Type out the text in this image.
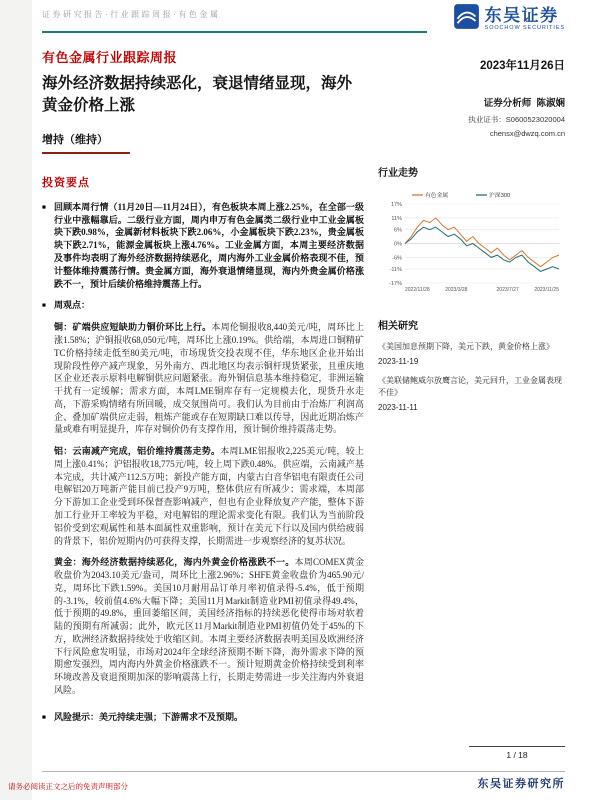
证券研究报告·行业跟踪周报·有色金属	东吴证券
SOOCHOW SECURITIES
有色金属行业跟踪周报
海外经济数据持续恶化，衰退情绪显现，海外黄金价格上涨
增持（维持）
投资要点
■ 回顾本周行情（11月20日—11月24日），有色板块本周上涨2.25%，在全部一级行业中涨幅靠后。二级行业方面，周内申万有色金属类二级行业中工业金属板块下跌0.98%，金属新材料板块下跌2.06%，小金属板块下跌2.23%，贵金属板块下跌2.71%，能源金属板块上涨4.76%。工业金属方面，本周主要经济数据及事件均表明了海外经济数据持续恶化，周内海外工业金属价格表现不佳，预计整体维持震荡行情。贵金属方面，海外衰退情绪显现，海内外贵金属价格涨跌不一，预计后续价格维持震荡上行。
■ 周观点：

铜：矿端供应短缺助力铜价环比上行。本周伦铜报收8,440美元/吨，周环比上涨1.58%；沪铜报收68,050元/吨，周环比上涨0.19%。供给端，本周进口铜精矿TC价格持续走低至80美元/吨，市场现货交投表现不佳，华东地区企业开始出现阶段性停产减产现象，另外南方、西北地区均表示铜杆现货紧张，且重庆地区企业还表示原料电解铜供应问题紧张。海外铜信息基本维持稳定，非洲运输干扰有一定缓解；需求方面，本周LME铜库存有一定规模去化，现货升水走高，下游采购情绪有所回暖，成交氛围尚可。我们认为目前由于冶炼厂利润高企、叠加矿端供应走弱，粗炼产能或存在短期缺口难以传导，因此近期冶炼产量或难有明显提升，库存对铜价仍有支撑作用，预计铜价维持震荡走势。

铝：云南减产完成，铝价维持震荡走势。本周LME铝报收2,225美元/吨，较上周上涨0.41%；沪铝报收18,775元/吨，较上周下跌0.48%。供应端，云南减产基本完成，共计减产112.5万吨；新投产能方面，内蒙古白音华铝电有限责任公司电解铝20万吨新产能目前已投产9万吨，整体供应有所减少；需求端，本周部分下游加工企业受到环保督查影响减产，但也有企业释放复产产能，整体下游加工行业开工率较为平稳，对电解铝的理论需求变化有限。我们认为当前阶段铝价受到宏观属性和基本面属性双重影响，预计在美元下行以及国内供给疲弱的背景下，铝价短期内仍可获得支撑，长期需进一步观察经济的复苏状况。

黄金：海外经济数据持续恶化，海内外黄金价格涨跌不一。本周COMEX黄金收盘价为2043.10美元/盎司，周环比上涨2.96%；SHFE黄金收盘价为465.90元/克，周环比下跌1.59%。美国10月耐用品订单月率初值录得-5.4%，低于预期的-3.1%，较前值4.6%大幅下降；美国11月Markit制造业PMI初值录得49.4%，低于预期的49.8%，重回萎缩区间，美国经济指标的持续恶化使得市场对软着陆的预期有所减弱；此外，欧元区11月Markit制造业PMI初值仍处于45%的下方，欧洲经济数据持续处于收缩区间。本周主要经济数据表明美国及欧洲经济下行风险愈发明显，市场对2024年全球经济预期不断下降，海外需求下降的预期愈发强烈，周内海内外黄金价格涨跌不一。预计短期黄金价格持续受到利率环境改善及衰退预期加深的影响震荡上行，长期走势需进一步关注海内外衰退风险。

■ 风险提示：美元持续走强；下游需求不及预期。
2023年11月26日
证券分析师 陈淑娴
执业证书：S0600523020004
chensx@dwzq.com.cn
行业走势
17%
11%
6%
0%
-6%
-11%
-17%
2022/11/28	2023/3/28	2023/7/27	2023/11/25
有色金属	沪深300
相关研究
《美国加息预期下降，美元下跌，黄金价格上涨》
2023-11-19
《美联储鲍威尔放鹰言论，美元回升，工业金属表现不佳》
2023-11-11
1 / 18
东吴证券研究所
请务必阅读正文之后的免责声明部分
